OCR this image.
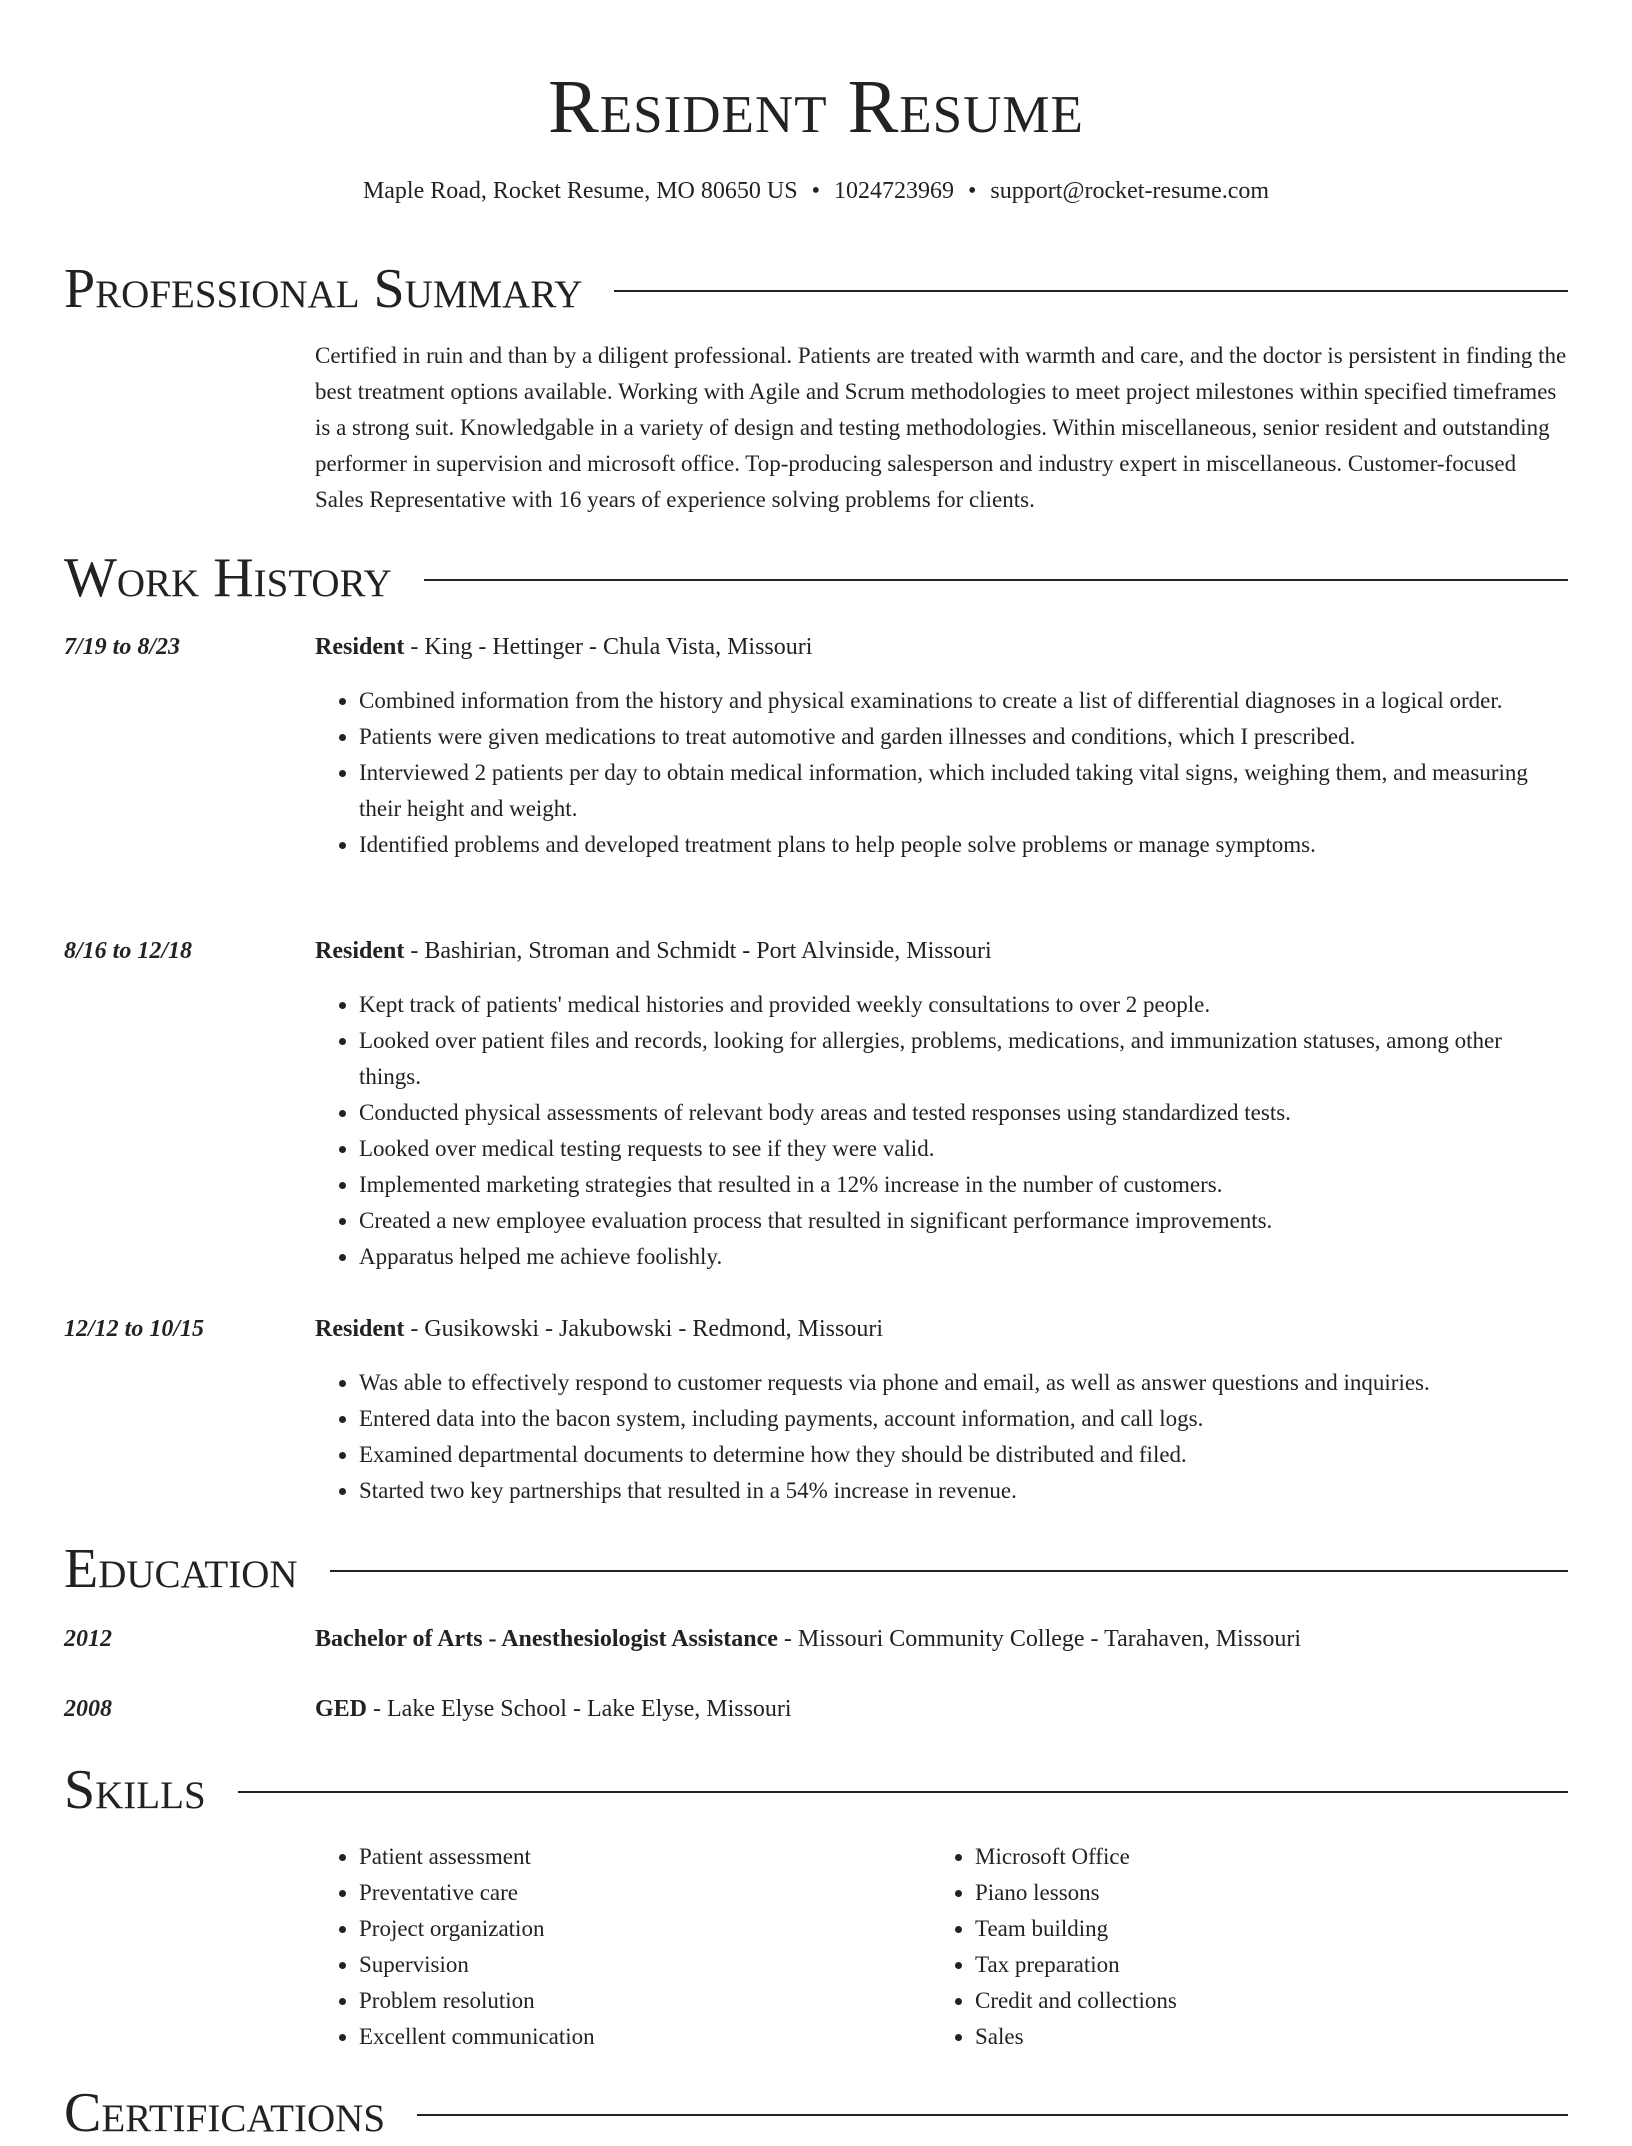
Resident Resume
Maple Road, Rocket Resume, MO 80650 US • 1024723969 • support@rocket-resume.com
Professional Summary
Certified in ruin and than by a diligent professional. Patients are treated with warmth and care, and the doctor is persistent in finding the best treatment options available. Working with Agile and Scrum methodologies to meet project milestones within specified timeframes is a strong suit. Knowledgable in a variety of design and testing methodologies. Within miscellaneous, senior resident and outstanding performer in supervision and microsoft office. Top-producing salesperson and industry expert in miscellaneous. Customer-focused Sales Representative with 16 years of experience solving problems for clients.
Work History
7/19 to 8/23	Resident - King - Hettinger - Chula Vista, Missouri
• Combined information from the history and physical examinations to create a list of differential diagnoses in a logical order.
• Patients were given medications to treat automotive and garden illnesses and conditions, which I prescribed.
• Interviewed 2 patients per day to obtain medical information, which included taking vital signs, weighing them, and measuring their height and weight.
• Identified problems and developed treatment plans to help people solve problems or manage symptoms.
8/16 to 12/18	Resident - Bashirian, Stroman and Schmidt - Port Alvinside, Missouri
• Kept track of patients' medical histories and provided weekly consultations to over 2 people.
• Looked over patient files and records, looking for allergies, problems, medications, and immunization statuses, among other things.
• Conducted physical assessments of relevant body areas and tested responses using standardized tests.
• Looked over medical testing requests to see if they were valid.
• Implemented marketing strategies that resulted in a 12% increase in the number of customers.
• Created a new employee evaluation process that resulted in significant performance improvements.
• Apparatus helped me achieve foolishly.
12/12 to 10/15	Resident - Gusikowski - Jakubowski - Redmond, Missouri
• Was able to effectively respond to customer requests via phone and email, as well as answer questions and inquiries.
• Entered data into the bacon system, including payments, account information, and call logs.
• Examined departmental documents to determine how they should be distributed and filed.
• Started two key partnerships that resulted in a 54% increase in revenue.
Education
2012	Bachelor of Arts - Anesthesiologist Assistance - Missouri Community College - Tarahaven, Missouri
2008	GED - Lake Elyse School - Lake Elyse, Missouri
Skills
• Patient assessment
• Preventative care
• Project organization
• Supervision
• Problem resolution
• Excellent communication
• Microsoft Office
• Piano lessons
• Team building
• Tax preparation
• Credit and collections
• Sales
Certifications
